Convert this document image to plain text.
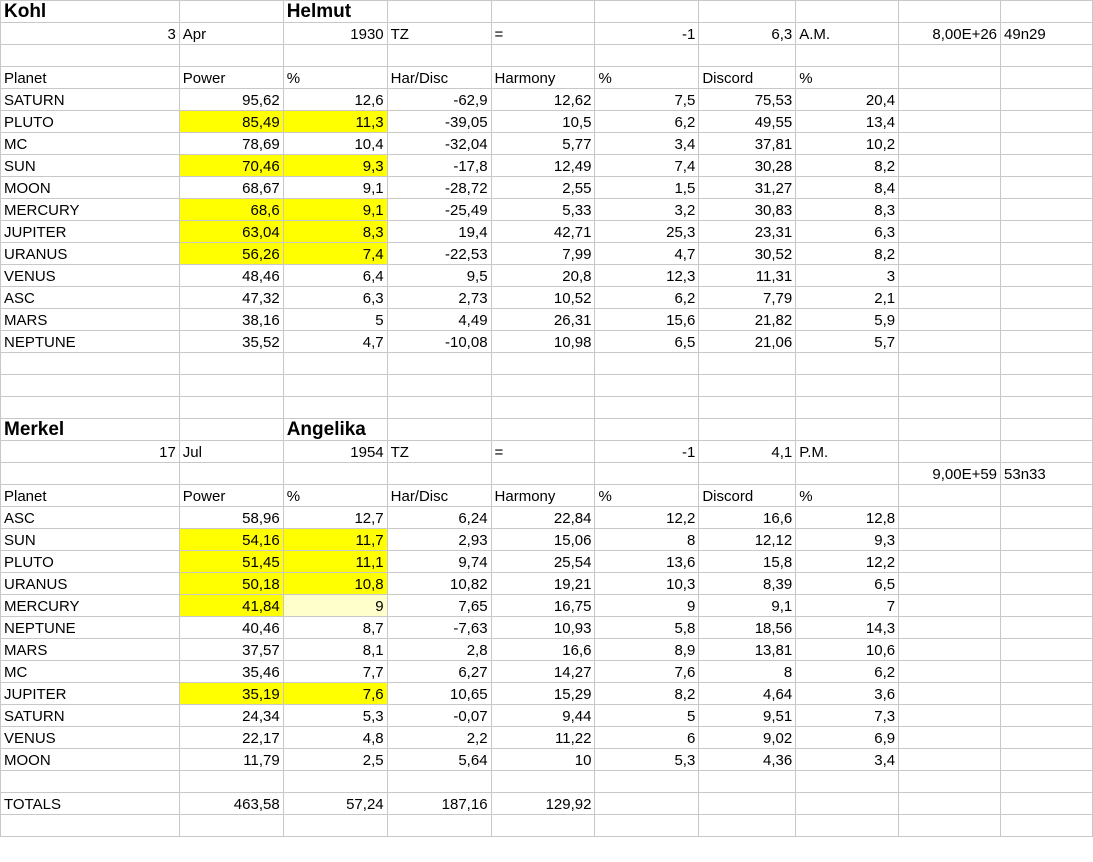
Kohl		Helmut							
3	Apr	1930	TZ	=	-1	6,3	A.M.	8,00E+26	49n29

Planet	Power	%	Har/Disc	Harmony	%	Discord	%		
SATURN	95,62	12,6	-62,9	12,62	7,5	75,53	20,4		
PLUTO	85,49	11,3	-39,05	10,5	6,2	49,55	13,4		
MC	78,69	10,4	-32,04	5,77	3,4	37,81	10,2		
SUN	70,46	9,3	-17,8	12,49	7,4	30,28	8,2		
MOON	68,67	9,1	-28,72	2,55	1,5	31,27	8,4		
MERCURY	68,6	9,1	-25,49	5,33	3,2	30,83	8,3		
JUPITER	63,04	8,3	19,4	42,71	25,3	23,31	6,3		
URANUS	56,26	7,4	-22,53	7,99	4,7	30,52	8,2		
VENUS	48,46	6,4	9,5	20,8	12,3	11,31	3		
ASC	47,32	6,3	2,73	10,52	6,2	7,79	2,1		
MARS	38,16	5	4,49	26,31	15,6	21,82	5,9		
NEPTUNE	35,52	4,7	-10,08	10,98	6,5	21,06	5,7		

Merkel		Angelika							
17	Jul	1954	TZ	=	-1	4,1	P.M.		
								9,00E+59	53n33
Planet	Power	%	Har/Disc	Harmony	%	Discord	%		
ASC	58,96	12,7	6,24	22,84	12,2	16,6	12,8		
SUN	54,16	11,7	2,93	15,06	8	12,12	9,3		
PLUTO	51,45	11,1	9,74	25,54	13,6	15,8	12,2		
URANUS	50,18	10,8	10,82	19,21	10,3	8,39	6,5		
MERCURY	41,84	9	7,65	16,75	9	9,1	7		
NEPTUNE	40,46	8,7	-7,63	10,93	5,8	18,56	14,3		
MARS	37,57	8,1	2,8	16,6	8,9	13,81	10,6		
MC	35,46	7,7	6,27	14,27	7,6	8	6,2		
JUPITER	35,19	7,6	10,65	15,29	8,2	4,64	3,6		
SATURN	24,34	5,3	-0,07	9,44	5	9,51	7,3		
VENUS	22,17	4,8	2,2	11,22	6	9,02	6,9		
MOON	11,79	2,5	5,64	10	5,3	4,36	3,4		

TOTALS	463,58	57,24	187,16	129,92					
